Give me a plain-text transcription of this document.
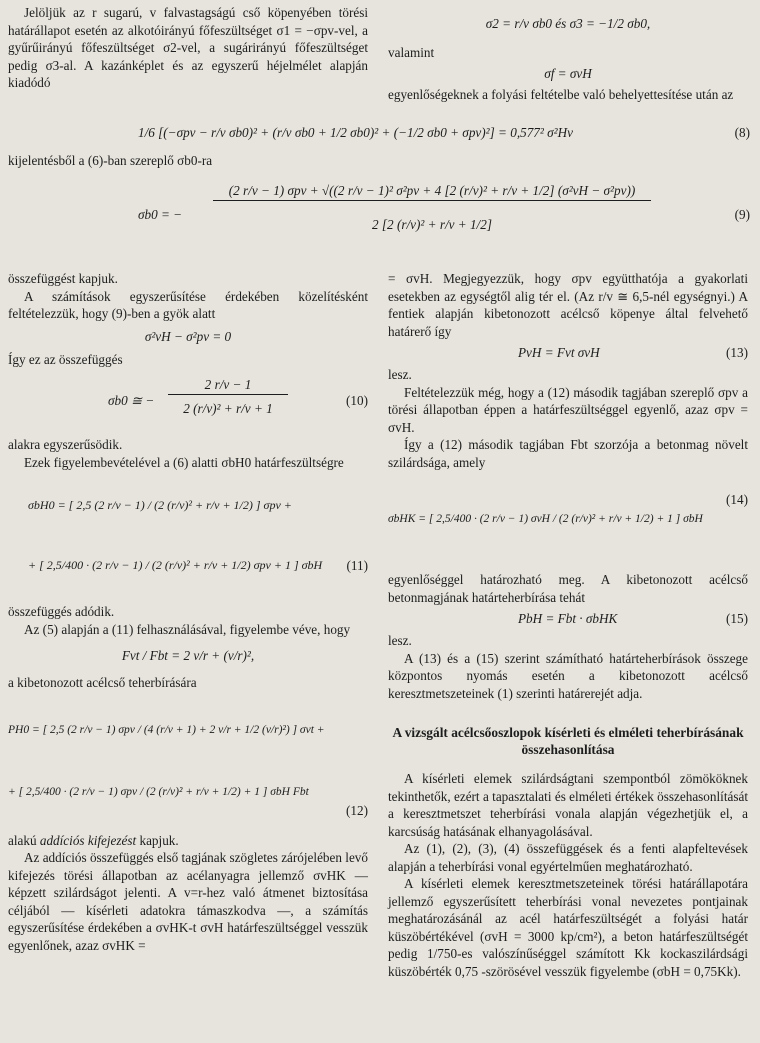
Jelöljük az r sugarú, v falvastagságú cső köpenyében törési határállapot esetén az alkotóirányú főfeszültséget σ1 = −σpv-vel, a gyűrűirányú főfeszültséget σ2-vel, a sugárirányú főfeszültséget pedig σ3-al. A kazánképlet és az egyszerű héjelmélet alapján kiadódó

σ2 = r/v σb0 és σ3 = −1/2 σb0,

valamint

σf = σvH

egyenlőségeknek a folyási feltételbe való behelyettesítése után az

1/6 [(−σpv − r/v σb0)² + (r/v σb0 + 1/2 σb0)² + (−1/2 σb0 + σpv)²] = 0,577² σ²Hv	(8)
kijelentésből a (6)-ban szereplő σb0-ra
σb0 = −
(2 r/v − 1) σpv + √((2 r/v − 1)² σ²pv + 4 [2 (r/v)² + r/v + 1/2] (σ²vH − σ²pv))
2 [2 (r/v)² + r/v + 1/2]
(9)

összefüggést kapjuk.

A számítások egyszerűsítése érdekében közelítésként feltételezzük, hogy (9)-ben a gyök alatt

σ²vH − σ²pv = 0

Így ez az összefüggés

σb0 ≅ −
2 r/v − 1
2 (r/v)² + r/v + 1
(10)

alakra egyszerűsödik.

Ezek figyelembevételével a (6) alatti σbH0 határfeszültségre

σbH0 = [ 2,5 (2 r/v − 1) / (2 (r/v)² + r/v + 1/2) ] σpv +
+ [ 2,5/400 · (2 r/v − 1) / (2 (r/v)² + r/v + 1/2) σpv + 1 ] σbH (11)

összefüggés adódik.

Az (5) alapján a (11) felhasználásával, figyelembe véve, hogy

Fvt / Fbt = 2 v/r + (v/r)²,

a kibetonozott acélcső teherbírására

PH0 = [ 2,5 (2 r/v − 1) σpv / (4 (r/v + 1) + 2 v/r + 1/2 (v/r)²) ] σvt +
+ [ 2,5/400 · (2 r/v − 1) σpv / (2 (r/v)² + r/v + 1/2) + 1 ] σbH Fbt
(12)

alakú addíciós kifejezést kapjuk.

Az addíciós összefüggés első tagjának szögletes zárójelében levő kifejezés törési állapotban az acélanyagra jellemző σvHK — képzett szilárdságot jelenti. A v=r-hez való átmenet biztosítása céljából — kísérleti adatokra támaszkodva —, a számítás egyszerűsítése érdekében a σvHK-t σvH határfeszültséggel vesszük egyenlőnek, azaz σvHK =

= σvH. Megjegyezzük, hogy σpv együtthatója a gyakorlati esetekben az egységtől alig tér el. (Az r/v ≅ 6,5-nél egységnyi.) A fentiek alapján kibetonozott acélcső köpenye által felvehető határerő így

PvH = Fvt σvH	(13)

lesz.

Feltételezzük még, hogy a (12) második tagjában szereplő σpv a törési állapotban éppen a határfeszültséggel egyenlő, azaz σpv = σvH.

Így a (12) második tagjában Fbt szorzója a betonmag növelt szilárdsága, amely

σbHK = [ 2,5/400 · (2 r/v − 1) σvH / (2 (r/v)² + r/v + 1/2) + 1 ] σbH
(14)

egyenlőséggel határozható meg. A kibetonozott acélcső betonmagjának határteherbírása tehát

PbH = Fbt · σbHK	(15)

lesz.

A (13) és a (15) szerint számítható határteherbírások összege központos nyomás esetén a kibetonozott acélcső keresztmetszeteinek (1) szerinti határerejét adja.

A vizsgált acélcsőoszlopok kísérleti és elméleti teherbírásának összehasonlítása

A kísérleti elemek szilárdságtani szempontból zömököknek tekinthetők, ezért a tapasztalati és elméleti értékek összehasonlítását a keresztmetszet teherbírási vonala alapján végezhetjük el, a karcsúság hatásának elhanyagolásával.

Az (1), (2), (3), (4) összefüggések és a fenti alapfeltevések alapján a teherbírási vonal egyértelműen meghatározható.

A kísérleti elemek keresztmetszeteinek törési határállapotára jellemző egyszerűsített teherbírási vonal nevezetes pontjainak meghatározásánál az acél határfeszültségét a folyási határ küszöbértékével (σvH = 3000 kp/cm²), a beton határfeszültségét pedig 1/750-es valószínűséggel számított Kk kockaszilárdsági küszöbérték 0,75 -szörösével vesszük figyelembe (σbH = 0,75Kk).
